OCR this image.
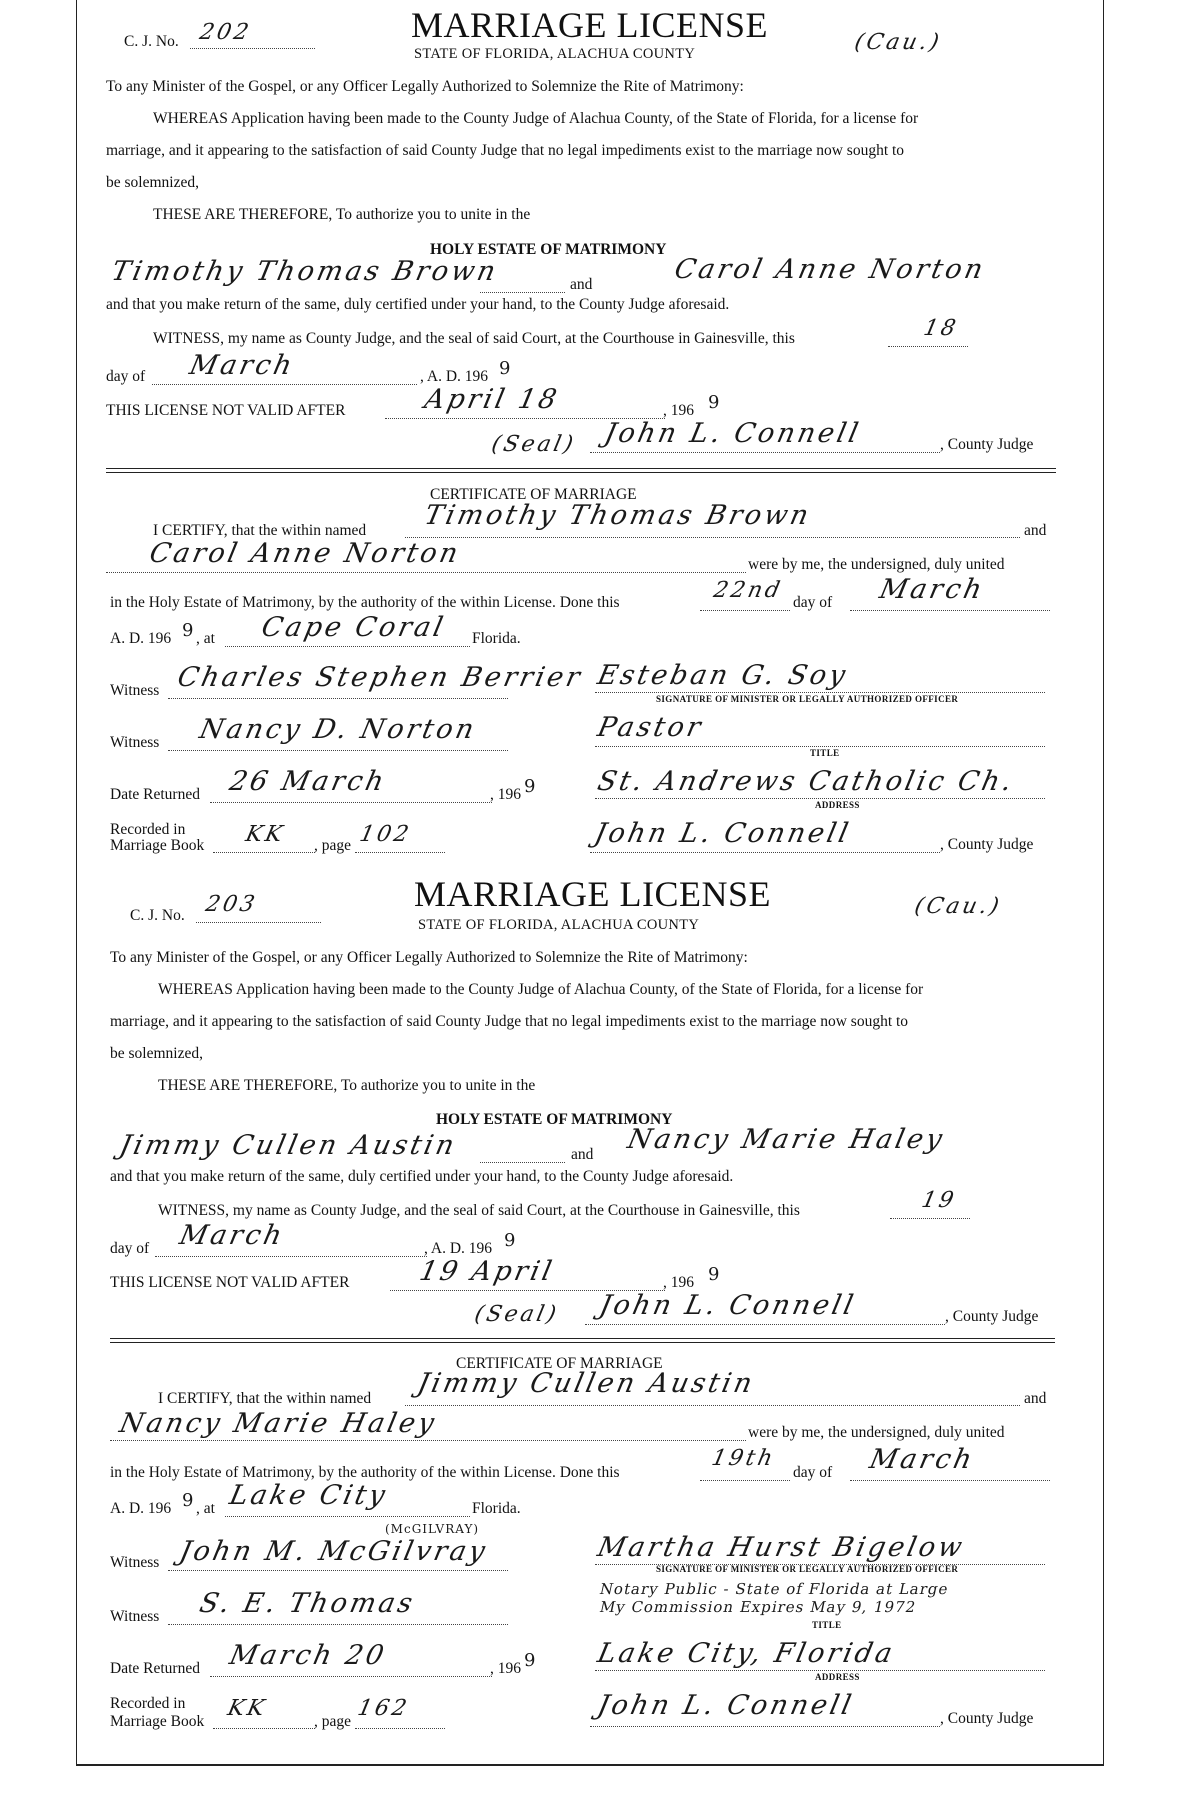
C. J. No. 202	MARRIAGE LICENSE
STATE OF FLORIDA, ALACHUA COUNTY	(Cau.)
To any Minister of the Gospel, or any Officer Legally Authorized to Solemnize the Rite of Matrimony:
WHEREAS Application having been made to the County Judge of Alachua County, of the State of Florida, for a license for
marriage, and it appearing to the satisfaction of said County Judge that no legal impediments exist to the marriage now sought to
be solemnized,
THESE ARE THEREFORE, To authorize you to unite in the
HOLY ESTATE OF MATRIMONY
Timothy Thomas Brown	and	Carol Anne Norton
and that you make return of the same, duly certified under your hand, to the County Judge aforesaid.
WITNESS, my name as County Judge, and the seal of said Court, at the Courthouse in Gainesville, this	18
day of March	, A. D. 196 9
THIS LICENSE NOT VALID AFTER	April 18	, 196 9
(Seal) John L. Connell	, County Judge
CERTIFICATE OF MARRIAGE
I CERTIFY, that the within named Timothy Thomas Brown	and
Carol Anne Norton	were by me, the undersigned, duly united
in the Holy Estate of Matrimony, by the authority of the within License. Done this	22nd day of March
A. D. 196 9 , at Cape Coral Florida.
Witness Charles Stephen Berrier Esteban G. Soy
SIGNATURE OF MINISTER OR LEGALLY AUTHORIZED OFFICER
Witness Nancy D. Norton	Pastor
TITLE
Date Returned 26 March	, 196 9 St. Andrews Catholic Ch.
ADDRESS
Recorded in
Marriage Book KK , page 102	John L. Connell	, County Judge
C. J. No. 203	MARRIAGE LICENSE
STATE OF FLORIDA, ALACHUA COUNTY
(Cau.)
To any Minister of the Gospel, or any Officer Legally Authorized to Solemnize the Rite of Matrimony:
WHEREAS Application having been made to the County Judge of Alachua County, of the State of Florida, for a license for
marriage, and it appearing to the satisfaction of said County Judge that no legal impediments exist to the marriage now sought to
be solemnized,
THESE ARE THEREFORE, To authorize you to unite in the
HOLY ESTATE OF MATRIMONY
Jimmy Cullen Austin	and Nancy Marie Haley
and that you make return of the same, duly certified under your hand, to the County Judge aforesaid.
WITNESS, my name as County Judge, and the seal of said Court, at the Courthouse in Gainesville, this	19
day of March	, A. D. 196 9
THIS LICENSE NOT VALID AFTER 19 April	, 196 9
(Seal) John L. Connell	, County Judge
CERTIFICATE OF MARRIAGE
I CERTIFY, that the within named Jimmy Cullen Austin	and
Nancy Marie Haley	were by me, the undersigned, duly united
in the Holy Estate of Matrimony, by the authority of the within License. Done this
19th
day of March
A. D. 196 9 , at Lake City	Florida.
(McGILVRAY)
Witness John M. McGilvray	Martha Hurst Bigelow
SIGNATURE OF MINISTER OR LEGALLY AUTHORIZED OFFICER
Notary Public - State of Florida at Large
My Commission Expires May 9, 1972
Witness S. E. Thomas
TITLE
Date Returned March 20	, 196 9 Lake City, Florida
ADDRESS
Recorded in
Marriage Book
KK
, page
162	John L. Connell	, County Judge
